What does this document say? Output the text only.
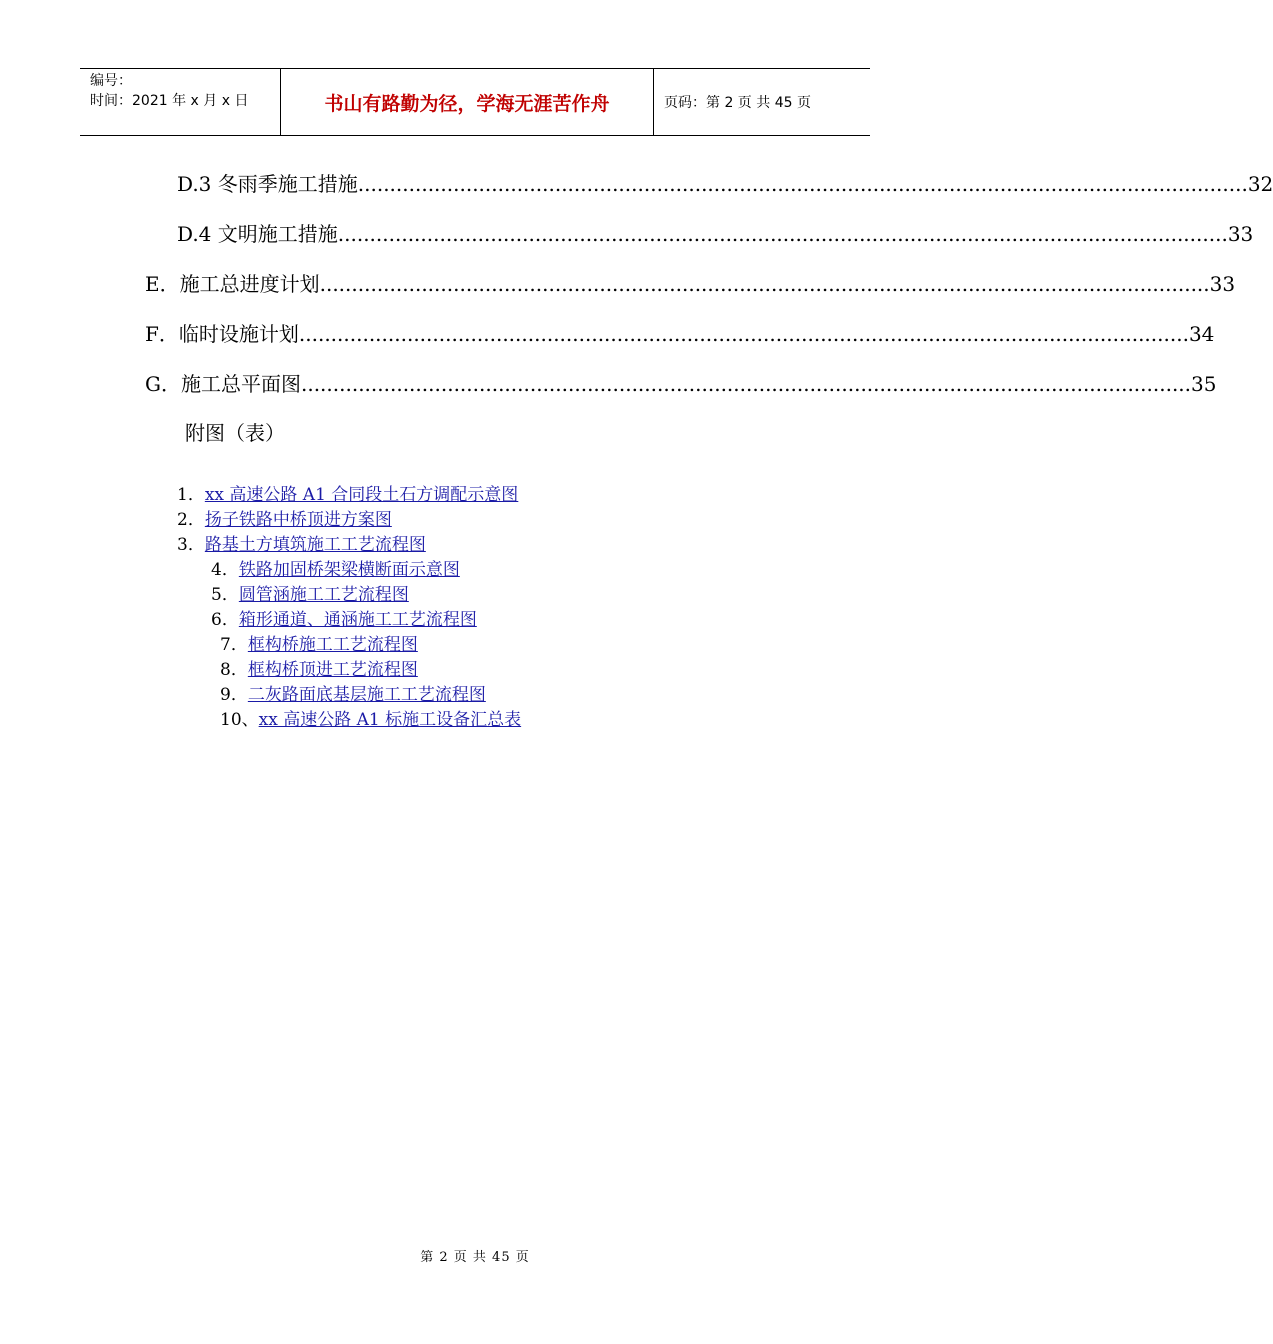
编号：
时间：2021 年 x 月 x 日	书山有路勤为径，学海无涯苦作舟	页码：第 2 页 共 45 页
D.3 冬雨季施工措施 ............................................................................................................................................ 32
D.4 文明施工措施 ............................................................................................................................................ 33
E． 施工总进度计划 ............................................................................................................................................ 33
F． 临时设施计划 ............................................................................................................................................ 34
G． 施工总平面图 ............................................................................................................................................ 35
附图（表）
1．xx 高速公路 A1 合同段土石方调配示意图
2．扬子铁路中桥顶进方案图
3．路基土方填筑施工工艺流程图
4．铁路加固桥架梁横断面示意图
5．圆管涵施工工艺流程图
6．箱形通道、通涵施工工艺流程图
7．框构桥施工工艺流程图
8．框构桥顶进工艺流程图
9．二灰路面底基层施工工艺流程图
10、xx 高速公路 A1 标施工设备汇总表
第 2 页 共 45 页
